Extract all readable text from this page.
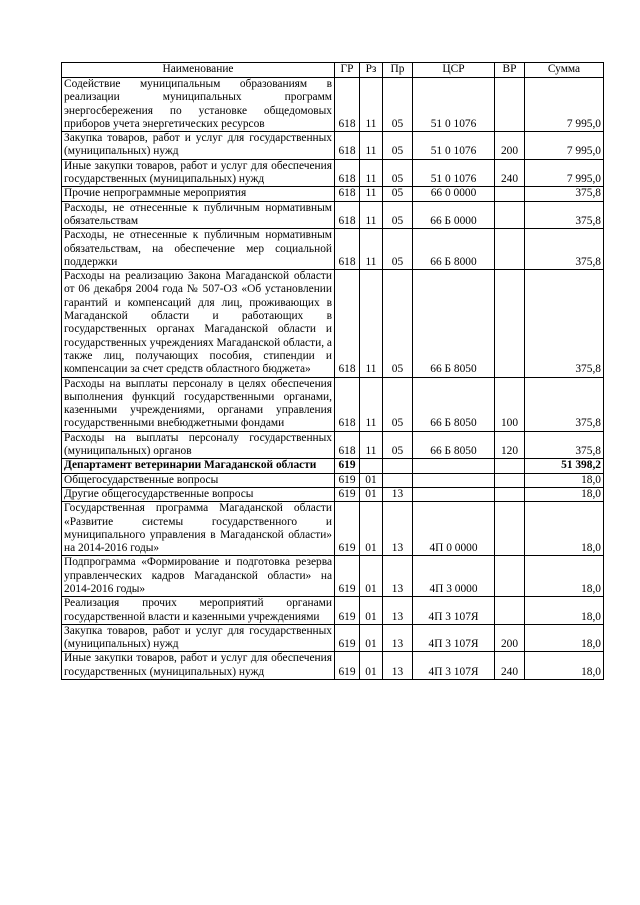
Наименование	ГР	Рз	Пр	ЦСР	ВР	Сумма
Содействие муниципальным образованиям в реализации муниципальных программ энергосбережения по установке общедомовых приборов учета энергетических ресурсов	618	11	05	51 0 1076		7 995,0
Закупка товаров, работ и услуг для государственных (муниципальных) нужд	618	11	05	51 0 1076	200	7 995,0
Иные закупки товаров, работ и услуг для обеспечения государственных (муниципальных) нужд	618	11	05	51 0 1076	240	7 995,0
Прочие непрограммные мероприятия	618	11	05	66 0 0000		375,8
Расходы, не отнесенные к публичным нормативным обязательствам	618	11	05	66 Б 0000		375,8
Расходы, не отнесенные к публичным нормативным обязательствам, на обеспечение мер социальной поддержки	618	11	05	66 Б 8000		375,8
Расходы на реализацию Закона Магаданской области от 06 декабря 2004 года № 507-ОЗ «Об установлении гарантий и компенсаций для лиц, проживающих в Магаданской области и работающих в государственных органах Магаданской области и государственных учреждениях Магаданской области, а также лиц, получающих пособия, стипендии и компенсации за счет средств областного бюджета»	618	11	05	66 Б 8050		375,8
Расходы на выплаты персоналу в целях обеспечения выполнения функций государственными органами, казенными учреждениями, органами управления государственными внебюджетными фондами	618	11	05	66 Б 8050	100	375,8
Расходы на выплаты персоналу государственных (муниципальных) органов	618	11	05	66 Б 8050	120	375,8
Департамент ветеринарии Магаданской области	619					51 398,2
Общегосударственные вопросы	619	01				18,0
Другие общегосударственные вопросы	619	01	13			18,0
Государственная программа Магаданской области «Развитие системы государственного и муниципального управления в Магаданской области» на 2014-2016 годы»	619	01	13	4П 0 0000		18,0
Подпрограмма «Формирование и подготовка резерва управленческих кадров Магаданской области» на 2014-2016 годы»	619	01	13	4П 3 0000		18,0
Реализация прочих мероприятий органами государственной власти и казенными учреждениями	619	01	13	4П 3 107Я		18,0
Закупка товаров, работ и услуг для государственных (муниципальных) нужд	619	01	13	4П 3 107Я	200	18,0
Иные закупки товаров, работ и услуг для обеспечения государственных (муниципальных) нужд	619	01	13	4П 3 107Я	240	18,0
